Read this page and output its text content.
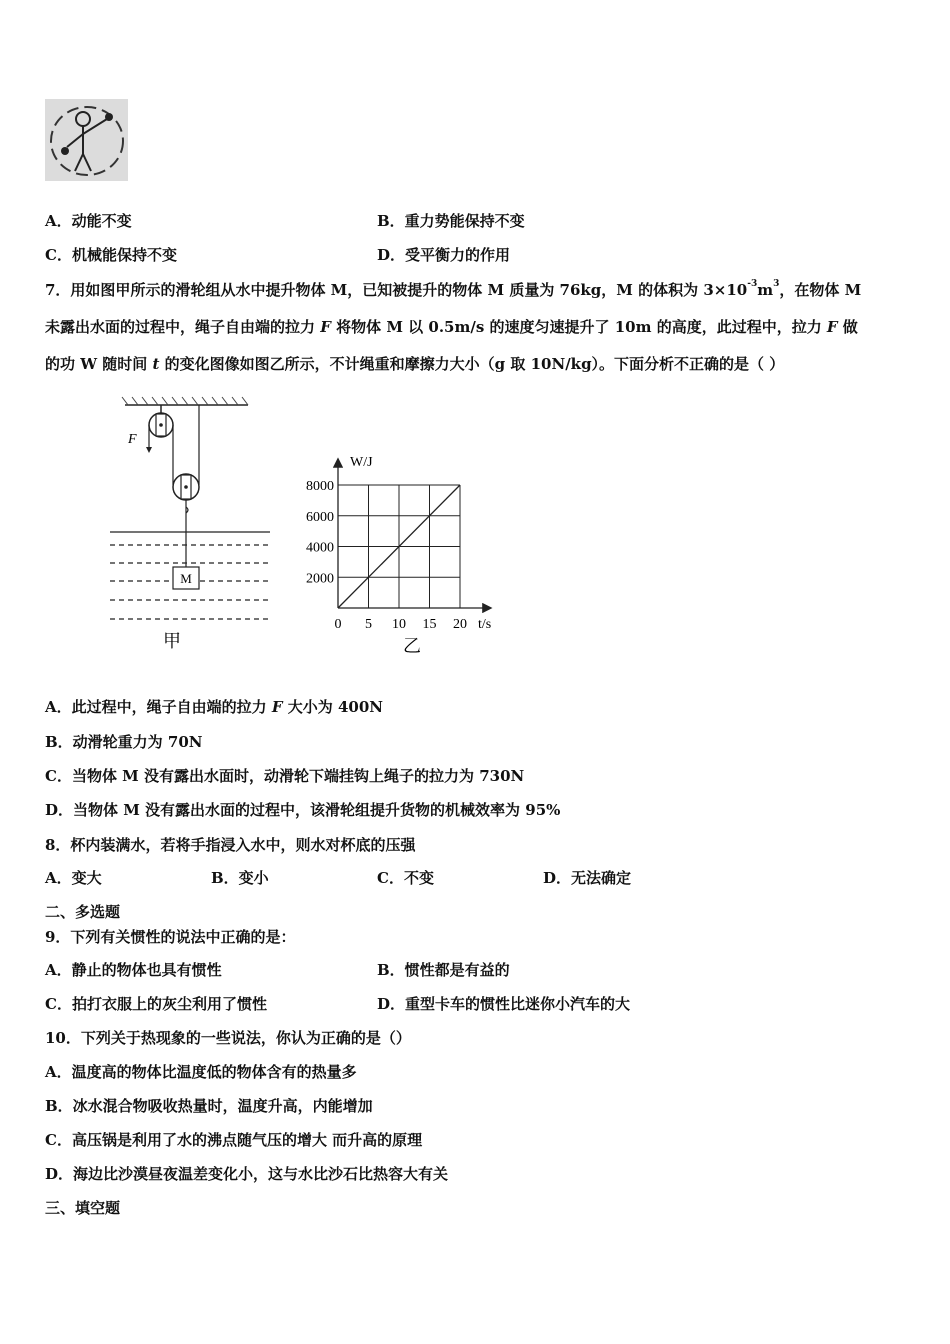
A．动能不变	B．重力势能保持不变
C．机械能保持不变	D．受平衡力的作用
7．用如图甲所示的滑轮组从水中提升物体 M，已知被提升的物体 M 质量为 76kg，M 的体积为 $3\times 10^{-3}m^3$，在物体 M
未露出水面的过程中，绳子自由端的拉力 F 将物体 M 以 0.5m/s 的速度匀速提升了 10m 的高度，此过程中，拉力 F 做
的功 W 随时间 t 的变化图像如图乙所示，不计绳重和摩擦力大小（g 取 10N/kg）。下面分析不正确的是（ ）
F
M
甲
W/J
t/s
2000
4000
6000
8000
0 5 10 15 20
乙
A．此过程中，绳子自由端的拉力 F 大小为 400N
B．动滑轮重力为 70N
C．当物体 M 没有露出水面时，动滑轮下端挂钩上绳子的拉力为 730N
D．当物体 M 没有露出水面的过程中，该滑轮组提升货物的机械效率为 95%
8．杯内装满水，若将手指浸入水中，则水对杯底的压强
A．变大	B．变小	C．不变	D．无法确定
二、多选题
9．下列有关惯性的说法中正确的是：
A．静止的物体也具有惯性	B．惯性都是有益的
C．拍打衣服上的灰尘利用了惯性	D．重型卡车的惯性比迷你小汽车的大
10．下列关于热现象的一些说法，你认为正确的是（）
A．温度高的物体比温度低的物体含有的热量多
B．冰水混合物吸收热量时，温度升高，内能增加
C．高压锅是利用了水的沸点随气压的增大 而升高的原理
D．海边比沙漠昼夜温差变化小，这与水比沙石比热容大有关
三、填空题
